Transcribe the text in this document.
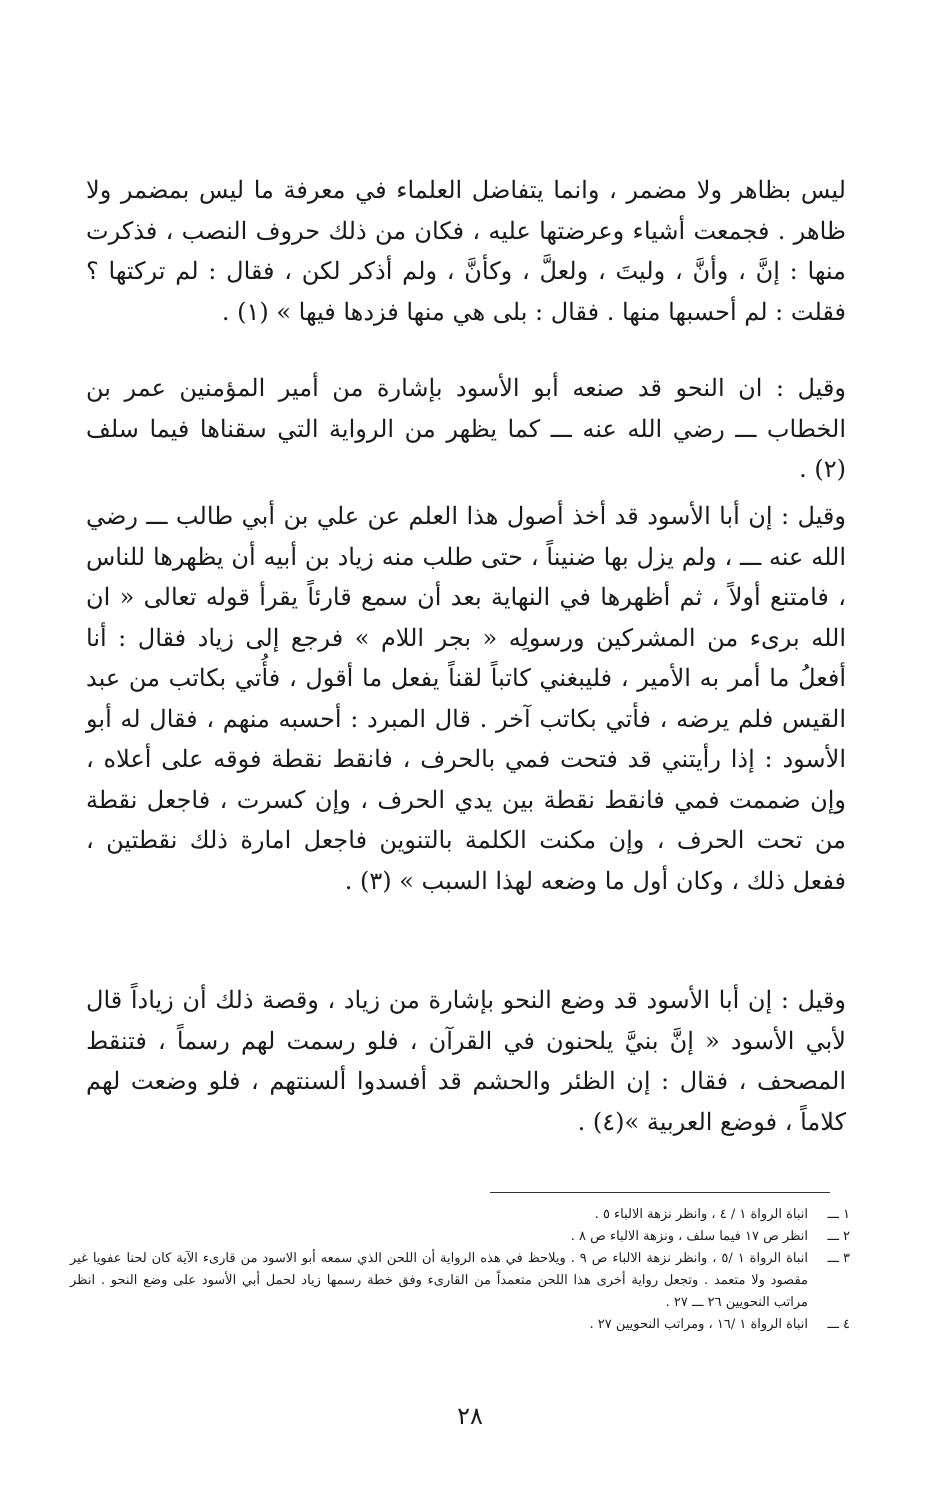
ليس بظاهر ولا مضمر ، وانما يتفاضل العلماء في معرفة ما ليس بمضمر ولا ظاهر . فجمعت أشياء وعرضتها عليه ، فكان من ذلك حروف النصب ، فذكرت منها : إنَّ ، وأنَّ ، وليتَ ، ولعلَّ ، وكأنَّ ، ولم أذكر لكن ، فقال : لم تركتها ؟ فقلت : لم أحسبها منها . فقال : بلى هي منها فزدها فيها » (١) .

وقيل : ان النحو قد صنعه أبو الأسود بإشارة من أمير المؤمنين عمر بن الخطاب ـــ رضي الله عنه ـــ كما يظهر من الرواية التي سقناها فيما سلف (٢) .

وقيل : إن أبا الأسود قد أخذ أصول هذا العلم عن علي بن أبي طالب ـــ رضي الله عنه ـــ ، ولم يزل بها ضنيناً ، حتى طلب منه زياد بن أبيه أن يظهرها للناس ، فامتنع أولاً ، ثم أظهرها في النهاية بعد أن سمع قارئاً يقرأ قوله تعالى « ان الله برىء من المشركين ورسولِه « بجر اللام » فرجع إلى زياد فقال : أنا أفعلُ ما أمر به الأمير ، فليبغني كاتباً لقناً يفعل ما أقول ، فأُتي بكاتب من عبد القيس فلم يرضه ، فأتي بكاتب آخر . قال المبرد : أحسبه منهم ، فقال له أبو الأسود : إذا رأيتني قد فتحت فمي بالحرف ، فانقط نقطة فوقه على أعلاه ، وإن ضممت فمي فانقط نقطة بين يدي الحرف ، وإن كسرت ، فاجعل نقطة من تحت الحرف ، وإن مكنت الكلمة بالتنوين فاجعل امارة ذلك نقطتين ، ففعل ذلك ، وكان أول ما وضعه لهذا السبب » (٣) .

وقيل : إن أبا الأسود قد وضع النحو بإشارة من زياد ، وقصة ذلك أن زياداً قال لأبي الأسود « إنَّ بنيَّ يلحنون في القرآن ، فلو رسمت لهم رسماً ، فتنقط المصحف ، فقال : إن الظئر والحشم قد أفسدوا ألسنتهم ، فلو وضعت لهم كلاماً ، فوضع العربية »(٤) .

١ ـــ
انباة الرواة ١ / ٤ ، وانظر نزهة الالباء ٥ .
٢ ـــ
انظر ص ١٧ فيما سلف ، ونزهة الالباء ص ٨ .
٣ ـــ
انباة الرواة ١ /٥ ، وانظر نزهة الالباء ص ٩ . ويلاحظ في هذه الرواية أن اللحن الذي سمعه أبو الاسود من قارىء الآية كان لحنا عفويا غير مقصود ولا متعمد . وتجعل رواية أخرى هذا اللحن متعمداً من القارىء وفق خطة رسمها زياد لحمل أبي الأسود على وضع النحو . انظر مراتب النحويين ٢٦ ـــ ٢٧ .
٤ ـــ
انباة الرواة ١ /١٦ ، ومراتب النحويين ٢٧ .
٢٨
